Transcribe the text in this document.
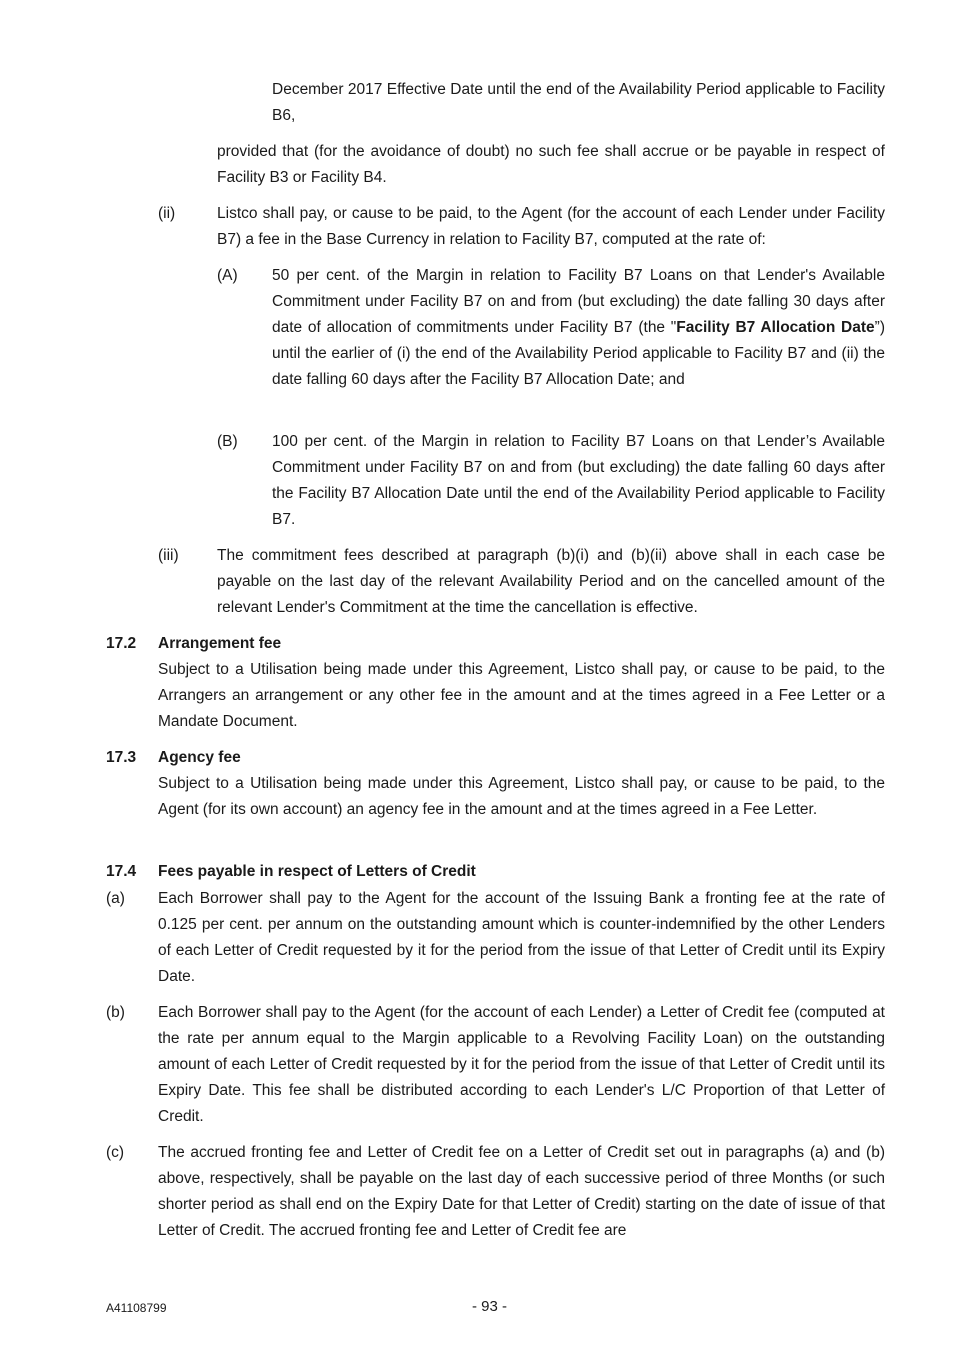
December 2017 Effective Date until the end of the Availability Period applicable to Facility B6,
provided that (for the avoidance of doubt) no such fee shall accrue or be payable in respect of Facility B3 or Facility B4.
(ii)	Listco shall pay, or cause to be paid, to the Agent (for the account of each Lender under Facility B7) a fee in the Base Currency in relation to Facility B7, computed at the rate of:
(A) 50 per cent. of the Margin in relation to Facility B7 Loans on that Lender's Available Commitment under Facility B7 on and from (but excluding) the date falling 30 days after date of allocation of commitments under Facility B7 (the "Facility B7 Allocation Date”) until the earlier of (i) the end of the Availability Period applicable to Facility B7 and (ii) the date falling 60 days after the Facility B7 Allocation Date; and
(B) 100 per cent. of the Margin in relation to Facility B7 Loans on that Lender’s Available Commitment under Facility B7 on and from (but excluding) the date falling 60 days after the Facility B7 Allocation Date until the end of the Availability Period applicable to Facility B7.
(iii) The commitment fees described at paragraph (b)(i) and (b)(ii) above shall in each case be payable on the last day of the relevant Availability Period and on the cancelled amount of the relevant Lender's Commitment at the time the cancellation is effective.
17.2 Arrangement fee
Subject to a Utilisation being made under this Agreement, Listco shall pay, or cause to be paid, to the Arrangers an arrangement or any other fee in the amount and at the times agreed in a Fee Letter or a Mandate Document.
17.3 Agency fee
Subject to a Utilisation being made under this Agreement, Listco shall pay, or cause to be paid, to the Agent (for its own account) an agency fee in the amount and at the times agreed in a Fee Letter.
17.4 Fees payable in respect of Letters of Credit
(a) Each Borrower shall pay to the Agent for the account of the Issuing Bank a fronting fee at the rate of 0.125 per cent. per annum on the outstanding amount which is counter-indemnified by the other Lenders of each Letter of Credit requested by it for the period from the issue of that Letter of Credit until its Expiry Date.
(b) Each Borrower shall pay to the Agent (for the account of each Lender) a Letter of Credit fee (computed at the rate per annum equal to the Margin applicable to a Revolving Facility Loan) on the outstanding amount of each Letter of Credit requested by it for the period from the issue of that Letter of Credit until its Expiry Date. This fee shall be distributed according to each Lender's L/C Proportion of that Letter of Credit.
(c) The accrued fronting fee and Letter of Credit fee on a Letter of Credit set out in paragraphs (a) and (b) above, respectively, shall be payable on the last day of each successive period of three Months (or such shorter period as shall end on the Expiry Date for that Letter of Credit) starting on the date of issue of that Letter of Credit. The accrued fronting fee and Letter of Credit fee are
A41108799	- 93 -
